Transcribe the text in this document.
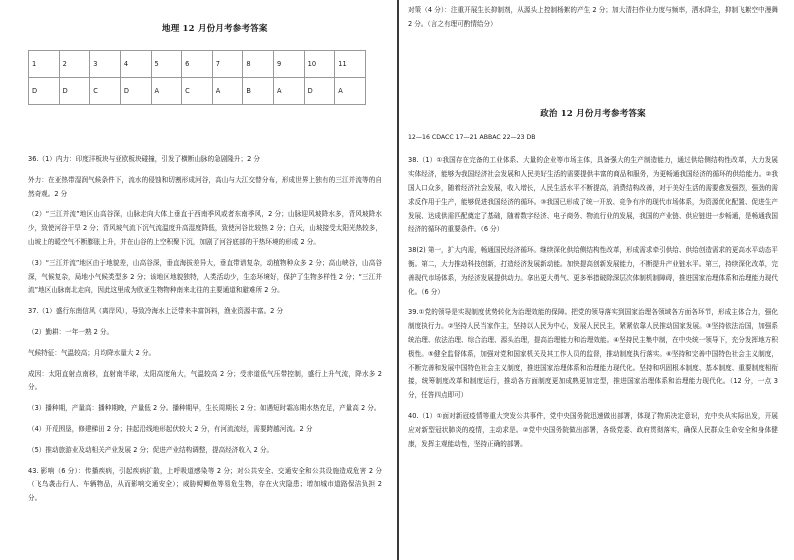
地理 12 月份月考参考答案
1	2	3	4	5	6	7	8	9	10	11
D	D	C	D	A	C	A	B	A	D	A

36.（1）内力：印度洋板块与亚欧板块碰撞，引发了横断山脉的急剧隆升；2 分

外力：在亚热带湿润气候条件下，流水的侵蚀和切割形成河谷，高山与大江交替分布，形成世界上独有的三江并流等的自然奇观。2 分

（2）“三江并流”地区山高谷深，山脉走向大体上垂直于西南季风或者东南季风，2 分；山脉迎风坡降水多，背风坡降水少，致使河谷干旱 2 分；背风坡气流下沉气流温度升高湿度降低，致使河谷比较热 2 分；白天，山坡接受太阳光热较多，山坡上的暖空气不断膨胀上升，并在山谷的上空积聚下沉，加剧了河谷底部的干热环境的形成 2 分。

（3）“三江并流”地区由于地貌差，山高谷深，垂直海拔差异大，垂直带谱复杂，动植物种众多 2 分；高山峡谷，山高谷深，气候复杂，局地小气候类型多 2 分；该地区地貌独特，人类活动少，生态环境好，保护了生物多样性 2 分；“三江并流”地区山脉南北走向，因此这里成为欧亚生物物种南来北往的主要通道和避难所 2 分。

37.（1）盛行东南信风（离岸风），导致冷海水上泛带来丰富饵料，渔业资源丰富。2 分

（2）勤耕：一年一熟 2 分。

气候特征：气温较高；月均降水量大 2 分。

成因：太阳直射点南移，直射南半球，太阳高度角大，气温较高 2 分；受赤道低气压带控制，盛行上升气流，降水多 2 分。

（3）播种期，产量高：播种期晚，产量低 2 分。播种期早，生长周期长 2 分；如遇短时霜冻期水热充足，产量高 2 分。

（4）开荒围垦，修建梯田 2 分；挂起沿线地形起伏较大 2 分，有河流流经，需要跨越河流。2 分

（5）推动旅游业及动相关产业发展 2 分；促进产业结构调整，提高经济收入 2 分。

43. 影响（6 分）：传播疾病，引起疾病扩散，上呼吸道感染等 2 分；对公共安全、交通安全和公共设施造成危害 2 分（飞鸟袭击行人、车辆物品，从而影响交通安全）；威胁鲟鲫鱼等易危生物，存在火灾隐患；增加城市道路保洁负担 2 分。

对策（4 分）：注重开展生长抑制剂，从源头上控制杨絮的产生 2 分；加大清扫作业力度与频率，洒水降尘，抑制飞絮空中漫舞 2 分。（言之有理可酌情给分）

政治 12 月份月考参考答案

12—16 CDACC 17—21 ABBAC 22—23 DB

38.（1）①我国存在完备的工业体系、大量的企业等市场主体，具备强大的生产制造能力，通过供给侧结构性改革，大力发展实体经济，能够为我国经济社会发展和人民美好生活的需要提供丰富的商品和服务，为更畅通我国经济的循环的供给能力。②我国人口众多，随着经济社会发展，收入增长，人民生活水平不断提高，消费结构改善，对于美好生活的需要愈发强烈，强劲的需求反作用于生产，能够促进我国经济的循环。③我国已形成了统一开放、竞争有序的现代市场体系，为资源优化配置、促进生产发展、达成供需匹配奠定了基础，随着数字经济、电子商务、物流行业的发展，我国的产业链、供应链进一步畅通，是畅通我国经济的循环的重要条件。（6 分）

38(2) 第一，扩大内需，畅通国民经济循环。继续深化供给侧结构性改革，形成需求牵引供给、供给创造需求的更高水平动态平衡。第二，大力推动科技创新，打造经济发展新动能。加快提高创新发展能力，不断提升产业链水平。第三，持续深化改革，完善现代市场体系，为经济发展提供动力。拿出更大勇气、更多举措破除深层次体制机制障碍，推进国家治理体系和治理能力现代化。（6 分）

39.①党的领导是实现制度优势转化为治理效能的保障。把党的领导落实到国家治理各领域各方面各环节，形成主体合力，强化制度执行力。②坚持人民当家作主，坚持以人民为中心，发展人民民主，紧紧依靠人民推动国家发展。③坚持依法治国，加强系统治理、依法治理、综合治理、源头治理，提高治理能力和治理效能。④坚持民主集中制，在中央统一领导下，充分发挥地方积极性。⑤健全监督体系，加强对党和国家机关及其工作人员的监督，推动制度执行落实。⑥坚持和完善中国特色社会主义制度，不断完善和发展中国特色社会主义制度，推进国家治理体系和治理能力现代化。坚持和巩固根本制度、基本制度、重要制度相衔接，统筹制度改革和制度运行，推动各方面制度更加成熟更加定型，推进国家治理体系和治理能力现代化。（12 分，一点 3 分，任答四点即可）

40.（1）①面对新冠疫情等重大突发公共事件，党中央国务院迅速做出部署，体现了物质决定意识，充中央从实际出发，开展应对新型冠状肺炎的疫情，主动求是。②党中央国务院做出部署，各级党委、政府贯彻落实，确保人民群众生命安全和身体健康，发挥主观能动性，坚持正确的部署。
